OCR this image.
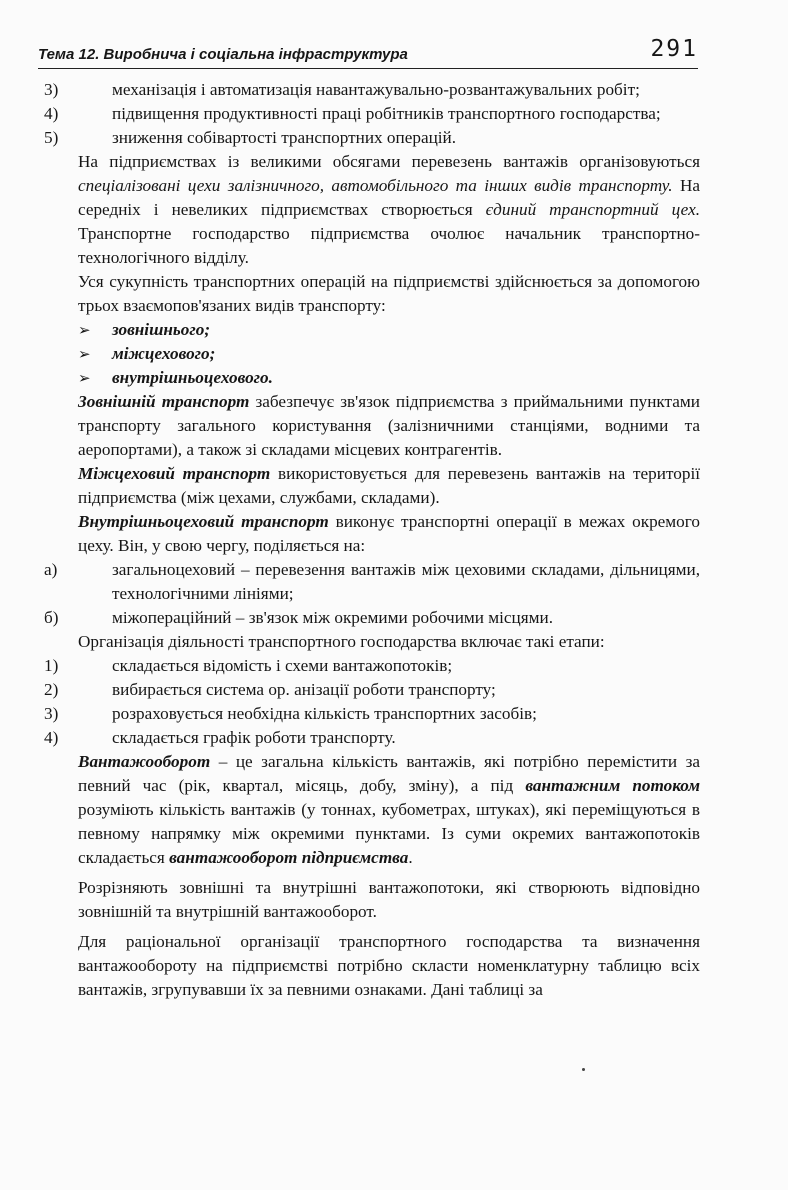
Тема 12. Виробнича і соціальна інфраструктура	291
3)	механізація і автоматизація навантажувально-розвантажувальних робіт;
4)	підвищення продуктивності праці робітників транспортного господарства;
5)	зниження собівартості транспортних операцій.

На підприємствах із великими обсягами перевезень вантажів організовуються спеціалізовані цехи залізничного, автомобільного та інших видів транспорту. На середніх і невеликих підприємствах створюється єдиний транспортний цех. Транспортне господарство підприємства очолює начальник транспортно-технологічного відділу.

Уся сукупність транспортних операцій на підприємстві здійснюється за допомогою трьох взаємопов'язаних видів транспорту:

➢ зовнішнього;
➢ міжцехового;
➢ внутрішньоцехового.

Зовнішній транспорт забезпечує зв'язок підприємства з приймальними пунктами транспорту загального користування (залізничними станціями, водними та аеропортами), а також зі складами місцевих контрагентів.

Міжцеховий транспорт використовується для перевезень вантажів на території підприємства (між цехами, службами, складами).

Внутрішньоцеховий транспорт виконує транспортні операції в межах окремого цеху. Він, у свою чергу, поділяється на:

а)	загальноцеховий – перевезення вантажів між цеховими складами, дільницями, технологічними лініями;
б)	міжопераційний – зв'язок між окремими робочими місцями.

Організація діяльності транспортного господарства включає такі етапи:

1)	складається відомість і схеми вантажопотоків;
2)	вибирається система ор. анізації роботи транспорту;
3)	розраховується необхідна кількість транспортних засобів;
4)	складається графік роботи транспорту.

Вантажооборот – це загальна кількість вантажів, які потрібно перемістити за певний час (рік, квартал, місяць, добу, зміну), а під вантажним потоком розуміють кількість вантажів (у тоннах, кубометрах, штуках), які переміщуються в певному напрямку між окремими пунктами. Із суми окремих вантажопотоків складається вантажооборот підприємства.

Розрізняють зовнішні та внутрішні вантажопотоки, які створюють відповідно зовнішній та внутрішній вантажооборот.

Для раціональної організації транспортного господарства та визначення вантажообороту на підприємстві потрібно скласти номенклатурну таблицю всіх вантажів, згрупувавши їх за певними ознаками. Дані таблиці за
